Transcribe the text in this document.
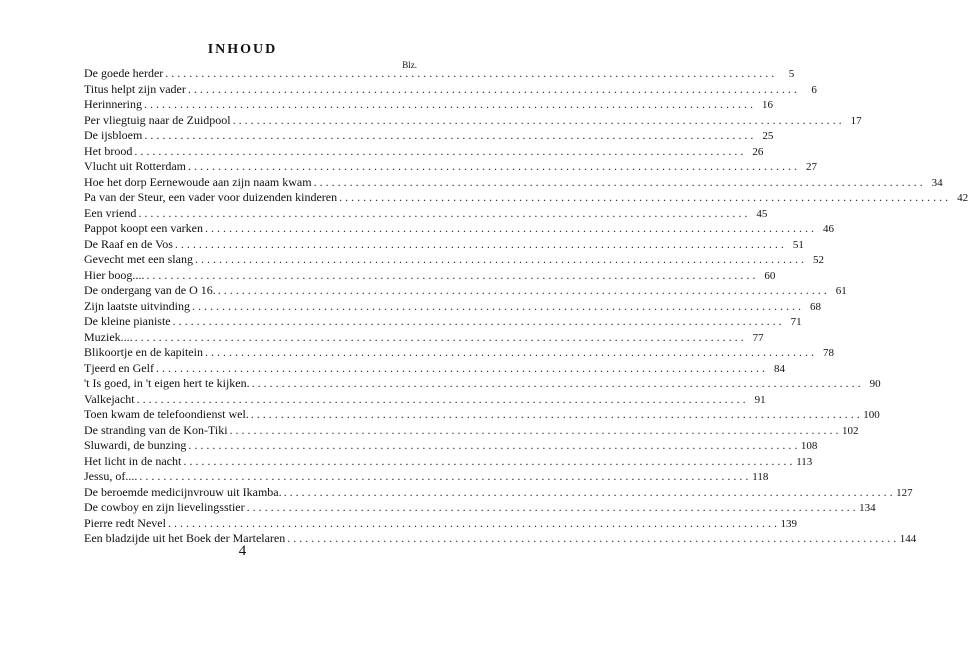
INHOUD
Blz.
De goede herder . . .	5
Titus helpt zijn vader . . .	6
Herinnering . . .	16
Per vliegtuig naar de Zuidpool . . .	17
De ijsbloem . . .	25
Het brood . . .	26
Vlucht uit Rotterdam . . .	27
Hoe het dorp Eernewoude aan zijn naam kwam . . .	34
Pa van der Steur, een vader voor duizenden kinderen . . .	42
Een vriend . . .	45
Pappot koopt een varken . . .	46
De Raaf en de Vos . . .	51
Gevecht met een slang . . .	52
Hier boog.... . . .	60
De ondergang van de O 16. . . .	61
Zijn laatste uitvinding . . .	68
De kleine pianiste . . .	71
Muziek.... . . .	77
Blikoortje en de kapitein . . .	78
Tjeerd en Gelf . . .	84
't Is goed, in 't eigen hert te kijken. . . .	90
Valkejacht . . .	91
Toen kwam de telefoondienst wel. . . .	100
De stranding van de Kon-Tiki . . .	102
Sluwardi, de bunzing . . .	108
Het licht in de nacht . . .	113
Jessu, of.... . . .	118
De beroemde medicijnvrouw uit Ikamba. . . .	127
De cowboy en zijn lievelingsstier . . .	134
Pierre redt Nevel . . .	139
Een bladzijde uit het Boek der Martelaren . . .	144
4
